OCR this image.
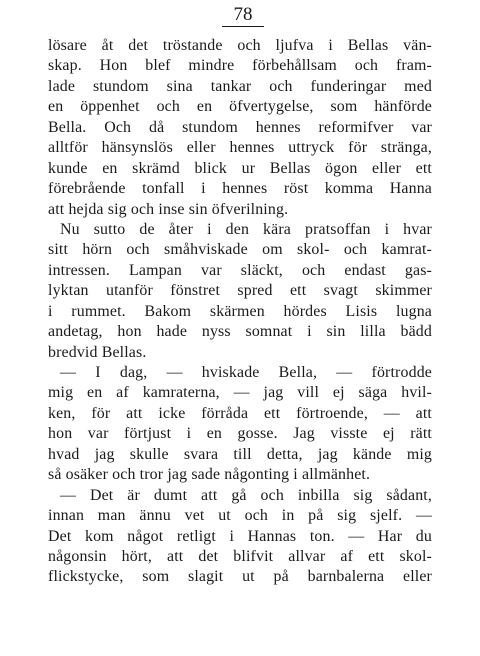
78
lösare åt det tröstande och ljufva i Bellas vän-
skap. Hon blef mindre förbehållsam och fram-
lade stundom sina tankar och funderingar med
en öppenhet och en öfvertygelse, som hänförde
Bella. Och då stundom hennes reformifver var
alltför hänsynslös eller hennes uttryck för stränga,
kunde en skrämd blick ur Bellas ögon eller ett
förebrående tonfall i hennes röst komma Hanna
att hejda sig och inse sin öfverilning.
Nu sutto de åter i den kära pratsoffan i hvar
sitt hörn och småhviskade om skol- och kamrat-
intressen. Lampan var släckt, och endast gas-
lyktan utanför fönstret spred ett svagt skimmer
i rummet. Bakom skärmen hördes Lisis lugna
andetag, hon hade nyss somnat i sin lilla bädd
bredvid Bellas.
— I dag, — hviskade Bella, — förtrodde
mig en af kamraterna, — jag vill ej säga hvil-
ken, för att icke förråda ett förtroende, — att
hon var förtjust i en gosse. Jag visste ej rätt
hvad jag skulle svara till detta, jag kände mig
så osäker och tror jag sade någonting i allmänhet.
— Det är dumt att gå och inbilla sig sådant,
innan man ännu vet ut och in på sig sjelf. —
Det kom något retligt i Hannas ton. — Har du
någonsin hört, att det blifvit allvar af ett skol-
flickstycke, som slagit ut på barnbalerna eller
